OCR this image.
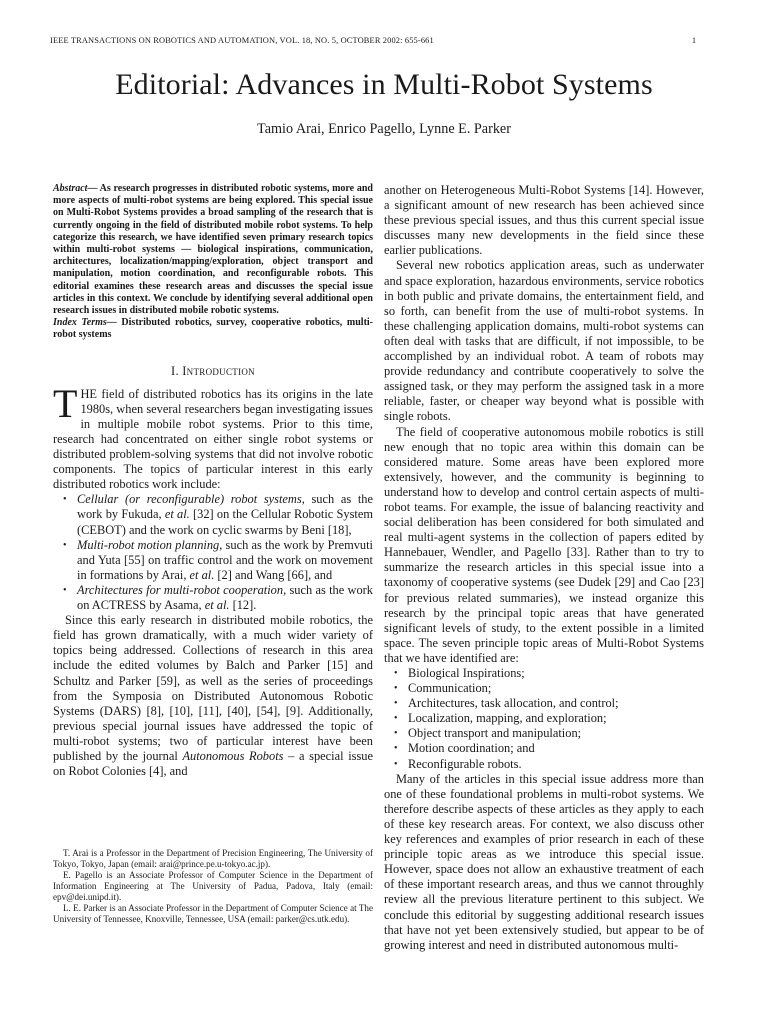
IEEE TRANSACTIONS ON ROBOTICS AND AUTOMATION, VOL. 18, NO. 5, OCTOBER 2002: 655-661	1
Editorial: Advances in Multi-Robot Systems
Tamio Arai, Enrico Pagello, Lynne E. Parker

Abstract— As research progresses in distributed robotic systems, more and more aspects of multi-robot systems are being explored. This special issue on Multi-Robot Systems provides a broad sampling of the research that is currently ongoing in the field of distributed mobile robot systems. To help categorize this research, we have identified seven primary research topics within multi-robot systems — biological inspirations, communication, architectures, localization/mapping/exploration, object transport and manipulation, motion coordination, and reconfigurable robots. This editorial examines these research areas and discusses the special issue articles in this context. We conclude by identifying several additional open research issues in distributed mobile robotic systems.

Index Terms— Distributed robotics, survey, cooperative robotics, multi-robot systems

I. Introduction

THE field of distributed robotics has its origins in the late 1980s, when several researchers began investigating issues in multiple mobile robot systems. Prior to this time, research had concentrated on either single robot systems or distributed problem-solving systems that did not involve robotic components. The topics of particular interest in this early distributed robotics work include:

• Cellular (or reconfigurable) robot systems, such as the work by Fukuda, et al. [32] on the Cellular Robotic System (CEBOT) and the work on cyclic swarms by Beni [18],
• Multi-robot motion planning, such as the work by Premvuti and Yuta [55] on traffic control and the work on movement in formations by Arai, et al. [2] and Wang [66], and
• Architectures for multi-robot cooperation, such as the work on ACTRESS by Asama, et al. [12].

Since this early research in distributed mobile robotics, the field has grown dramatically, with a much wider variety of topics being addressed. Collections of research in this area include the edited volumes by Balch and Parker [15] and Schultz and Parker [59], as well as the series of proceedings from the Symposia on Distributed Autonomous Robotic Systems (DARS) [8], [10], [11], [40], [54], [9]. Additionally, previous special journal issues have addressed the topic of multi-robot systems; two of particular interest have been published by the journal Autonomous Robots – a special issue on Robot Colonies [4], and

T. Arai is a Professor in the Department of Precision Engineering, The University of Tokyo, Tokyo, Japan (email: arai@prince.pe.u-tokyo.ac.jp).

E. Pagello is an Associate Professor of Computer Science in the Department of Information Engineering at The University of Padua, Padova, Italy (email: epv@dei.unipd.it).

L. E. Parker is an Associate Professor in the Department of Computer Science at The University of Tennessee, Knoxville, Tennessee, USA (email: parker@cs.utk.edu).

another on Heterogeneous Multi-Robot Systems [14]. However, a significant amount of new research has been achieved since these previous special issues, and thus this current special issue discusses many new developments in the field since these earlier publications.

Several new robotics application areas, such as underwater and space exploration, hazardous environments, service robotics in both public and private domains, the entertainment field, and so forth, can benefit from the use of multi-robot systems. In these challenging application domains, multi-robot systems can often deal with tasks that are difficult, if not impossible, to be accomplished by an individual robot. A team of robots may provide redundancy and contribute cooperatively to solve the assigned task, or they may perform the assigned task in a more reliable, faster, or cheaper way beyond what is possible with single robots.

The field of cooperative autonomous mobile robotics is still new enough that no topic area within this domain can be considered mature. Some areas have been explored more extensively, however, and the community is beginning to understand how to develop and control certain aspects of multi-robot teams. For example, the issue of balancing reactivity and social deliberation has been considered for both simulated and real multi-agent systems in the collection of papers edited by Hannebauer, Wendler, and Pagello [33]. Rather than to try to summarize the research articles in this special issue into a taxonomy of cooperative systems (see Dudek [29] and Cao [23] for previous related summaries), we instead organize this research by the principal topic areas that have generated significant levels of study, to the extent possible in a limited space. The seven principle topic areas of Multi-Robot Systems that we have identified are:

• Biological Inspirations;
• Communication;
• Architectures, task allocation, and control;
• Localization, mapping, and exploration;
• Object transport and manipulation;
• Motion coordination; and
• Reconfigurable robots.

Many of the articles in this special issue address more than one of these foundational problems in multi-robot systems. We therefore describe aspects of these articles as they apply to each of these key research areas. For context, we also discuss other key references and examples of prior research in each of these principle topic areas as we introduce this special issue. However, space does not allow an exhaustive treatment of each of these important research areas, and thus we cannot throughly review all the previous literature pertinent to this subject. We conclude this editorial by suggesting additional research issues that have not yet been extensively studied, but appear to be of growing interest and need in distributed autonomous multi-
